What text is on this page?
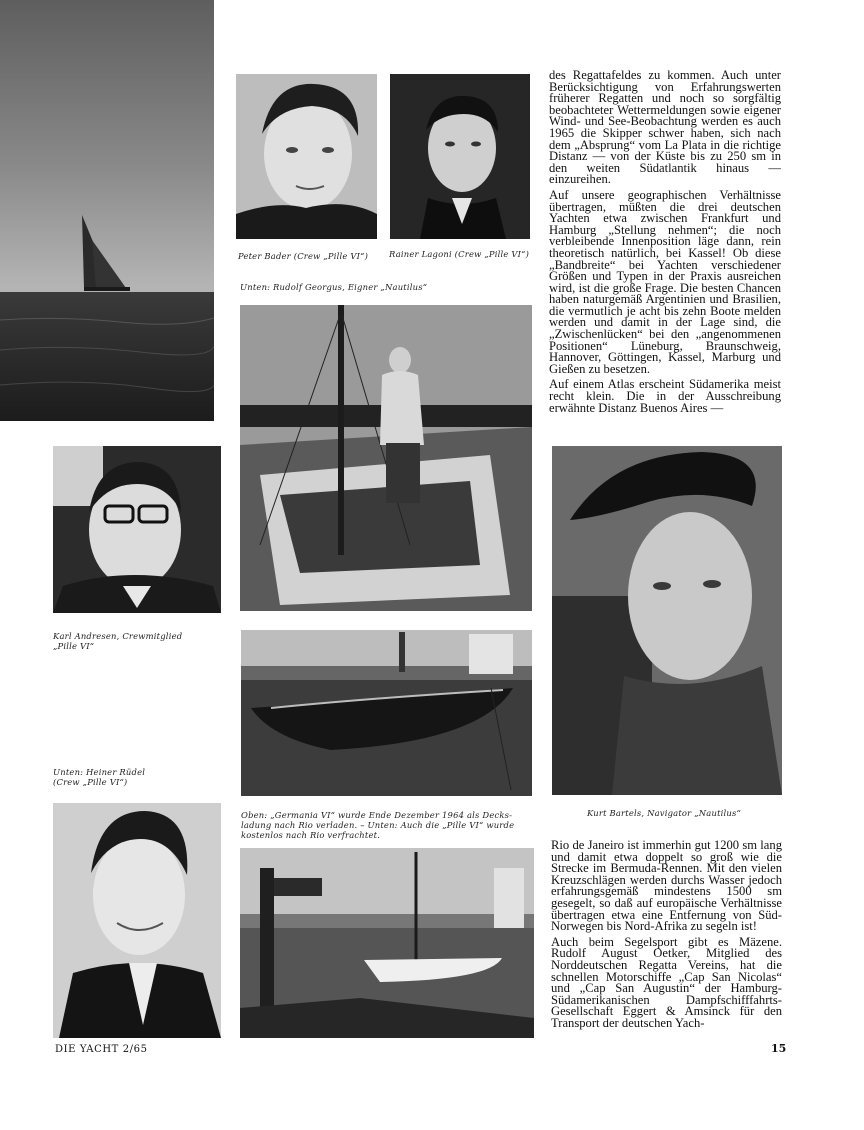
Peter Bader (Crew „Pille VI“) Rainer Lagoni (Crew „Pille VI“)
Unten: Rudolf Georgus, Eigner „Nautilus“
Karl Andresen, Crewmitglied
„Pille VI“
Unten: Heiner Rüdel
(Crew „Pille VI“)
Oben: „Germania VI“ wurde Ende Dezember 1964 als Decks-
ladung nach Rio verladen. – Unten: Auch die „Pille VI“ wurde
kostenlos nach Rio verfrachtet.
Kurt Bartels, Navigator „Nautilus“

des Regattafeldes zu kommen. Auch unter Berücksichtigung von Erfahrungswerten früherer Regatten und noch so sorgfältig beobachteter Wettermeldungen sowie eigener Wind- und See-Beobachtung werden es auch 1965 die Skipper schwer haben, sich nach dem „Absprung“ vom La Plata in die richtige Distanz — von der Küste bis zu 250 sm in den weiten Südatlantik hinaus — einzureihen.

Auf unsere geographischen Verhältnisse übertragen, müßten die drei deutschen Yachten etwa zwischen Frankfurt und Hamburg „Stellung nehmen“; die noch verbleibende Innenposition läge dann, rein theoretisch natürlich, bei Kassel! Ob diese „Bandbreite“ bei Yachten verschiedener Größen und Typen in der Praxis ausreichen wird, ist die große Frage. Die besten Chancen haben naturgemäß Argentinien und Brasilien, die vermutlich je acht bis zehn Boote melden werden und damit in der Lage sind, die „Zwischenlücken“ bei den „angenommenen Positionen“ Lüneburg, Braunschweig, Hannover, Göttingen, Kassel, Marburg und Gießen zu besetzen.

Auf einem Atlas erscheint Südamerika meist recht klein. Die in der Ausschreibung erwähnte Distanz Buenos Aires —

Rio de Janeiro ist immerhin gut 1200 sm lang und damit etwa doppelt so groß wie die Strecke im Bermuda-Rennen. Mit den vielen Kreuzschlägen werden durchs Wasser jedoch erfahrungsgemäß mindestens 1500 sm gesegelt, so daß auf europäische Verhältnisse übertragen etwa eine Entfernung von Süd-Norwegen bis Nord-Afrika zu segeln ist!

Auch beim Segelsport gibt es Mäzene. Rudolf August Oetker, Mitglied des Norddeutschen Regatta Vereins, hat die schnellen Motorschiffe „Cap San Nicolas“ und „Cap San Augustin“ der Hamburg-Südamerikanischen Dampfschifffahrts-Gesellschaft Eggert & Amsinck für den Transport der deutschen Yach-

DIE YACHT 2/65	15
